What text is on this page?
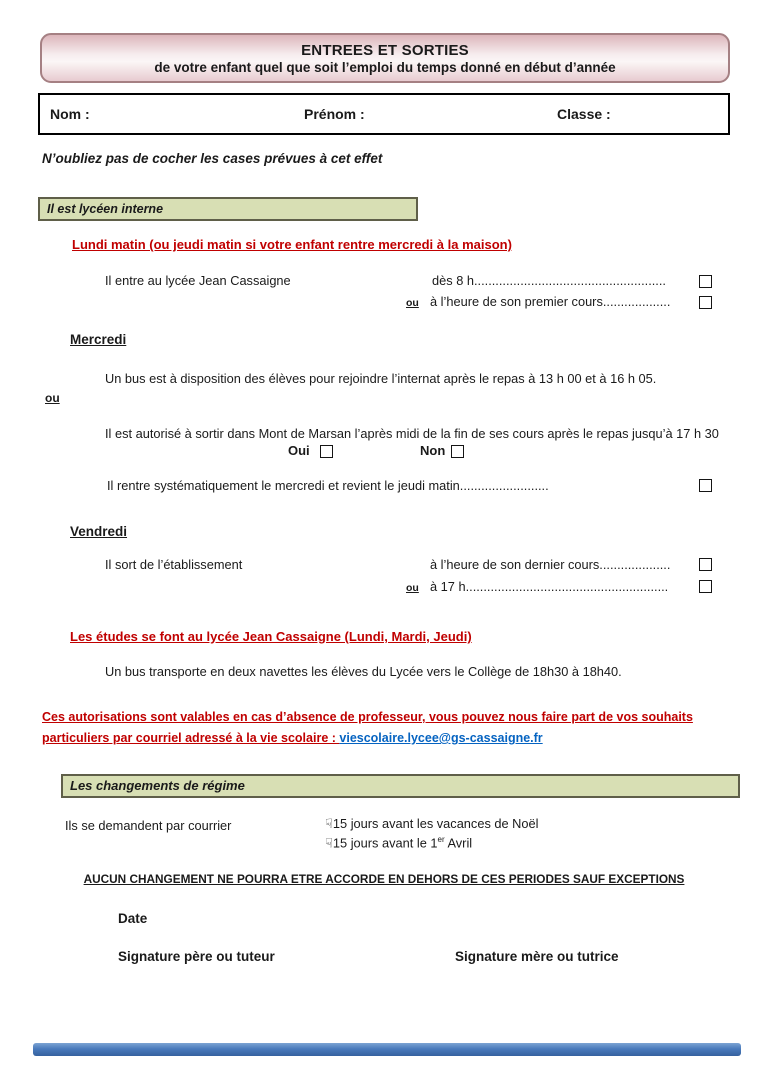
ENTREES ET SORTIES
de votre enfant quel que soit l’emploi du temps donné en début d’année
Nom :	Prénom :	Classe :
N’oubliez pas de cocher les cases prévues à cet effet
Il est lycéen interne
Lundi matin (ou jeudi matin si votre enfant rentre mercredi à la maison)
Il entre au lycée Jean Cassaigne	dès 8 h......................................................
ou à l’heure de son premier cours...................
Mercredi
Un bus est à disposition des élèves pour rejoindre l’internat après le repas à 13 h 00 et à 16 h 05.
ou
Il est autorisé à sortir dans Mont de Marsan l’après midi de la fin de ses cours après le repas jusqu’à 17 h 30
Oui	Non
Il rentre systématiquement le mercredi et revient le jeudi matin.........................
Vendredi
Il sort de l’établissement	à l’heure de son dernier cours....................
ou à 17 h.........................................................
Les études se font au lycée Jean Cassaigne (Lundi, Mardi, Jeudi)
Un bus transporte en deux navettes les élèves du Lycée vers le Collège de 18h30 à 18h40.
Ces autorisations sont valables en cas d’absence de professeur, vous pouvez nous faire part de vos souhaits
particuliers par courriel adressé à la vie scolaire : viescolaire.lycee@gs-cassaigne.fr
Les changements de régime
Ils se demandent par courrier	☟15 jours avant les vacances de Noël
☟15 jours avant le 1er Avril
AUCUN CHANGEMENT NE POURRA ETRE ACCORDE EN DEHORS DE CES PERIODES SAUF EXCEPTIONS
Date
Signature père ou tuteur	Signature mère ou tutrice
